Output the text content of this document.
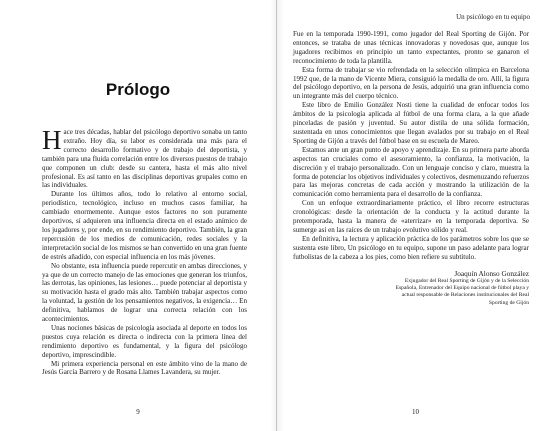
Prólogo

Hace tres décadas, hablar del psicólogo deportivo sonaba un tanto extraño. Hoy día, su labor es considerada una más para el correcto desarrollo formativo y de trabajo del deportista, y también para una fluida correlación entre los diversos puestos de trabajo que componen un club: desde su cantera, hasta el más alto nivel profesional. Es así tanto en las disciplinas deportivas grupales como en las individuales.

Durante los últimos años, todo lo relativo al entorno social, periodístico, tecnológico, incluso en muchos casos familiar, ha cambiado enormemente. Aunque estos factores no son puramente deportivos, sí adquieren una influencia directa en el estado anímico de los jugadores y, por ende, en su rendimiento deportivo. También, la gran repercusión de los medios de comunicación, redes sociales y la interpretación social de los mismos se han convertido en una gran fuente de estrés añadido, con especial influencia en los más jóvenes.

No obstante, esta influencia puede repercutir en ambas direcciones, y ya que de un correcto manejo de las emociones que generan los triunfos, las derrotas, las opiniones, las lesiones… puede potenciar al deportista y su motivación hasta el grado más alto. También trabajar aspectos como la voluntad, la gestión de los pensamientos negativos, la exigencia… En definitiva, hablamos de lograr una correcta relación con los acontecimientos.

Unas nociones básicas de psicología asociada al deporte en todos los puestos cuya relación es directa o indirecta con la primera línea del rendimiento deportivo es fundamental, y la figura del psicólogo deportivo, imprescindible.

Mi primera experiencia personal en este ámbito vino de la mano de Jesús García Barrero y de Rosana Llames Lavandera, su mujer.

9
Un psicólogo en tu equipo

Fue en la temporada 1990-1991, como jugador del Real Sporting de Gijón. Por entonces, se trataba de unas técnicas innovadoras y novedosas que, aunque los jugadores recibimos en principio un tanto expectantes, pronto se ganaron el reconocimiento de toda la plantilla.

Esta forma de trabajar se vio refrendada en la selección olímpica en Barcelona 1992 que, de la mano de Vicente Miera, consiguió la medalla de oro. Allí, la figura del psicólogo deportivo, en la persona de Jesús, adquirió una gran influencia como un integrante más del cuerpo técnico.

Este libro de Emilio González Nosti tiene la cualidad de enfocar todos los ámbitos de la psicología aplicada al fútbol de una forma clara, a la que añade pinceladas de pasión y juventud. Su autor distila de una sólida formación, sustentada en unos conocimientos que llegan avalados por su trabajo en el Real Sporting de Gijón a través del fútbol base en su escuela de Mareo.

Estamos ante un gran punto de apoyo y aprendizaje. En su primera parte aborda aspectos tan cruciales como el asesoramiento, la confianza, la motivación, la discreción y el trabajo personalizado. Con un lenguaje conciso y claro, muestra la forma de potenciar los objetivos individuales y colectivos, desmenuzando refuerzos para las mejoras concretas de cada acción y mostrando la utilización de la comunicación como herramienta para el desarrollo de la confianza.

Con un enfoque extraordinariamente práctico, el libro recorre estructuras cronológicas: desde la orientación de la conducta y la actitud durante la pretemporada, hasta la manera de «aterrizar» en la temporada deportiva. Se sumerge así en las raíces de un trabajo evolutivo sólido y real.

En definitiva, la lectura y aplicación práctica de los parámetros sobre los que se sustenta este libro, Un psicólogo en tu equipo, supone un paso adelante para lograr futbolistas de la cabeza a los pies, como bien refiere su subtítulo.

Joaquín Alonso González
Exjugador del Real Sporting de Gijón y de la Selección Española, Entrenador del Equipo nacional de fútbol playa y actual responsable de Relaciones institucionales del Real Sporting de Gijón
10
